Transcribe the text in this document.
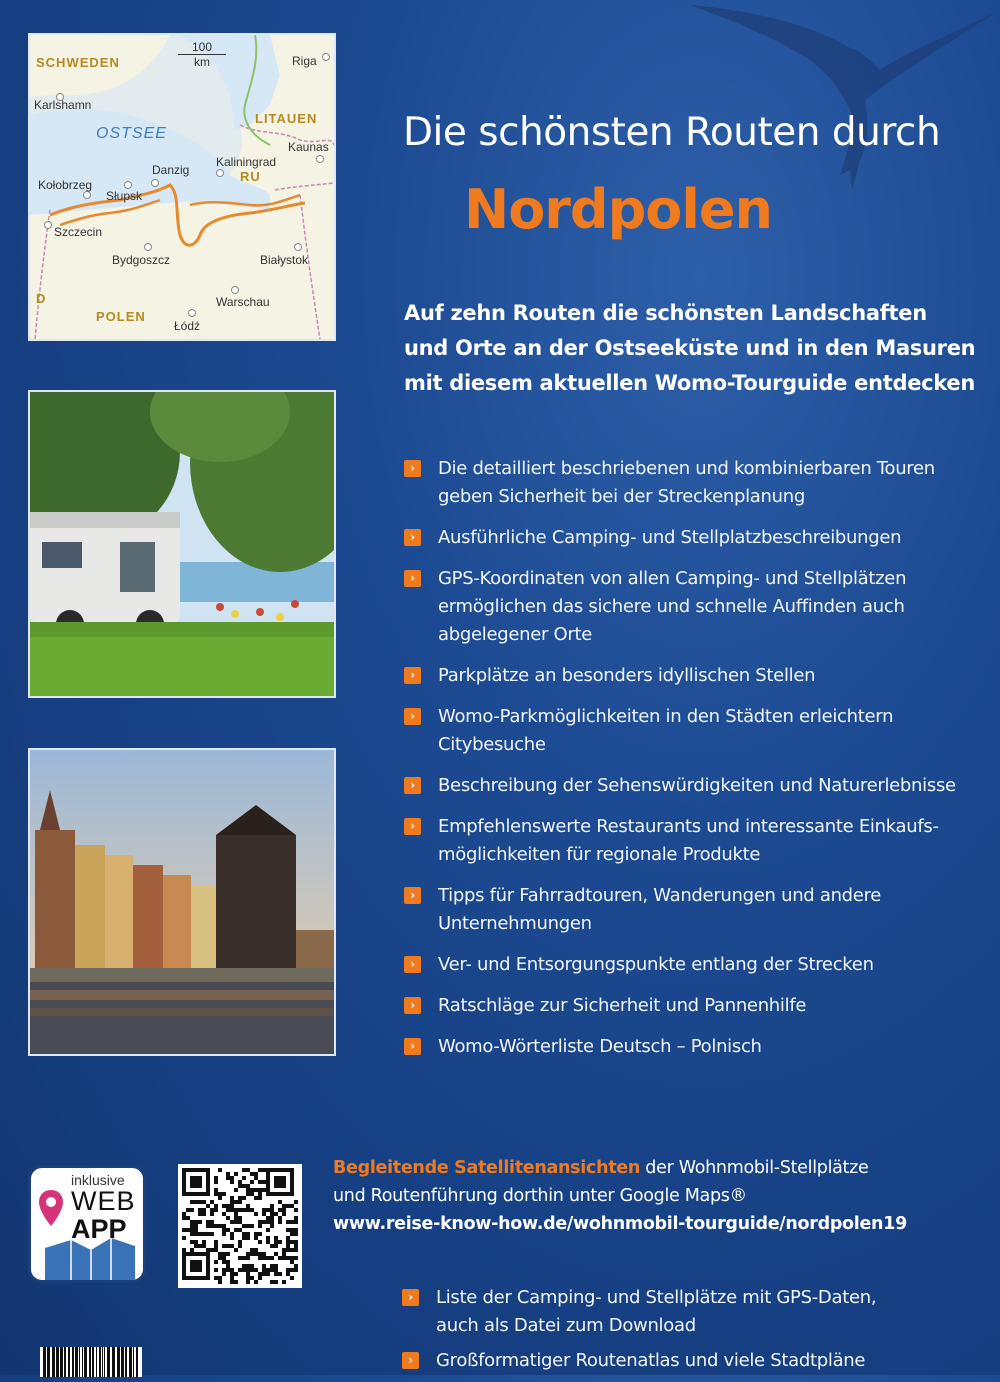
SCHWEDEN
LITAUEN
RU
POLEN
D
OSTSEE
100
km	Riga
Karlshamn
Kaunas
Kaliningrad
Danzig
Kołobrzeg
Słupsk
Szczecin
Bydgoszcz	Białystok
Warschau
Łódź
Die schönsten Routen durch
Nordpolen
Auf zehn Routen die schönsten Landschaften
und Orte an der Ostseeküste und in den Masuren
mit diesem aktuellen Womo-Tourguide entdecken
›	Die detailliert beschriebenen und kombinierbaren Touren
geben Sicherheit bei der Streckenplanung
›	Ausführliche Camping- und Stellplatzbeschreibungen
›	GPS-Koordinaten von allen Camping- und Stellplätzen
ermöglichen das sichere und schnelle Auffinden auch
abgelegener Orte
›	Parkplätze an besonders idyllischen Stellen
›	Womo-Parkmöglichkeiten in den Städten erleichtern
Citybesuche
›	Beschreibung der Sehenswürdigkeiten und Naturerlebnisse
›	Empfehlenswerte Restaurants und interessante Einkaufs-
möglichkeiten für regionale Produkte
›	Tipps für Fahrradtouren, Wanderungen und andere
Unternehmungen
›	Ver- und Entsorgungspunkte entlang der Strecken
›	Ratschläge zur Sicherheit und Pannenhilfe
›	Womo-Wörterliste Deutsch – Polnisch
inklusive
WEB
APP
Begleitende Satellitenansichten der Wohnmobil-Stellplätze
und Routenführung dorthin unter Google Maps®
www.reise-know-how.de/wohnmobil-tourguide/nordpolen19
›	Liste der Camping- und Stellplätze mit GPS-Daten,
auch als Datei zum Download
›	Großformatiger Routenatlas und viele Stadtpläne
